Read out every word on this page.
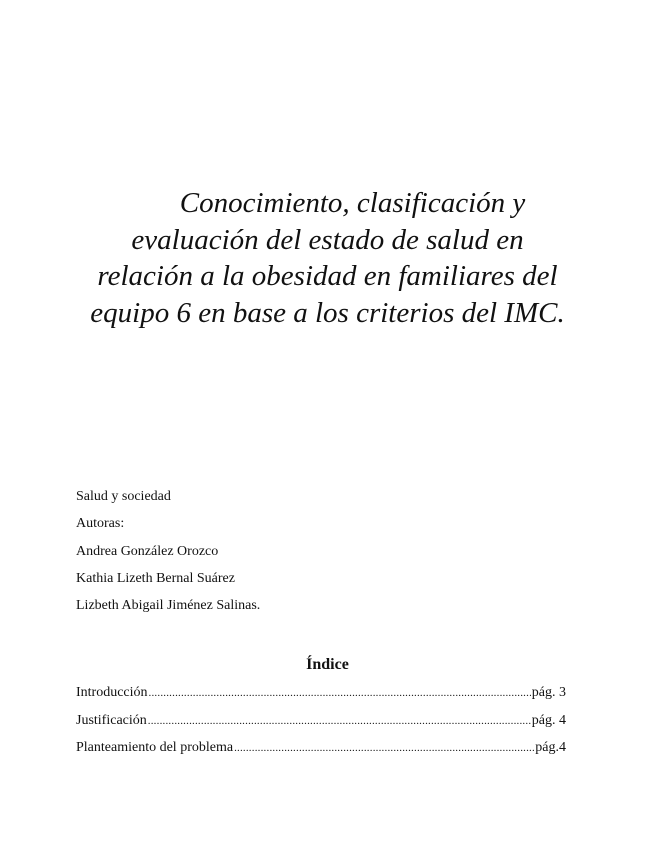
Conocimiento, clasificación y
evaluación del estado de salud en
relación a la obesidad en familiares del
equipo 6 en base a los criterios del IMC.
Salud y sociedad
Autoras:
Andrea González Orozco
Kathia Lizeth Bernal Suárez
Lizbeth Abigail Jiménez Salinas.
Índice
Introducción .....	pág. 3
Justificación .....	pág. 4
Planteamiento del problema .....	pág.4
